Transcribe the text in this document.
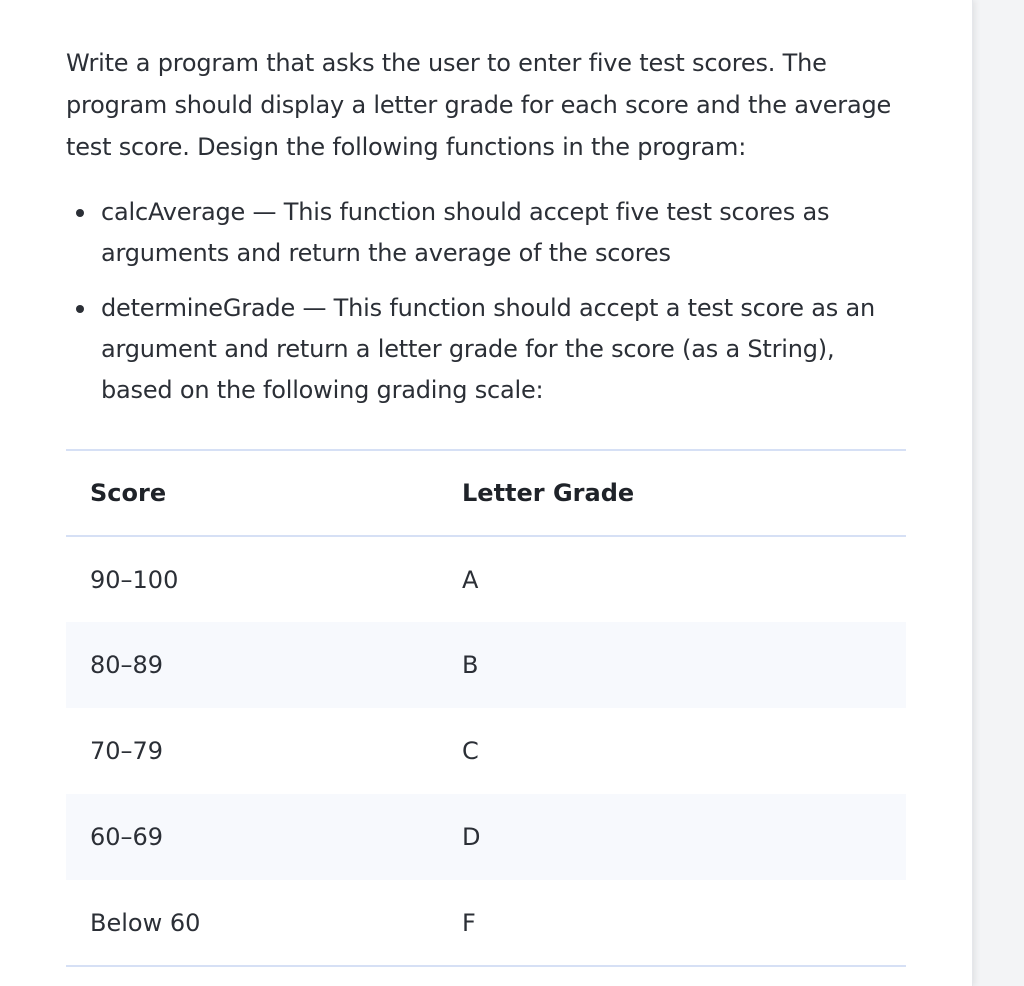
Write a program that asks the user to enter five test scores. The program should display a letter grade for each score and the average test score. Design the following functions in the program:

calcAverage — This function should accept five test scores as arguments and return the average of the scores
determineGrade — This function should accept a test score as an argument and return a letter grade for the score (as a String), based on the following grading scale:
Score	Letter Grade
90–100	A
80–89	B
70–79	C
60–69	D
Below 60	F
